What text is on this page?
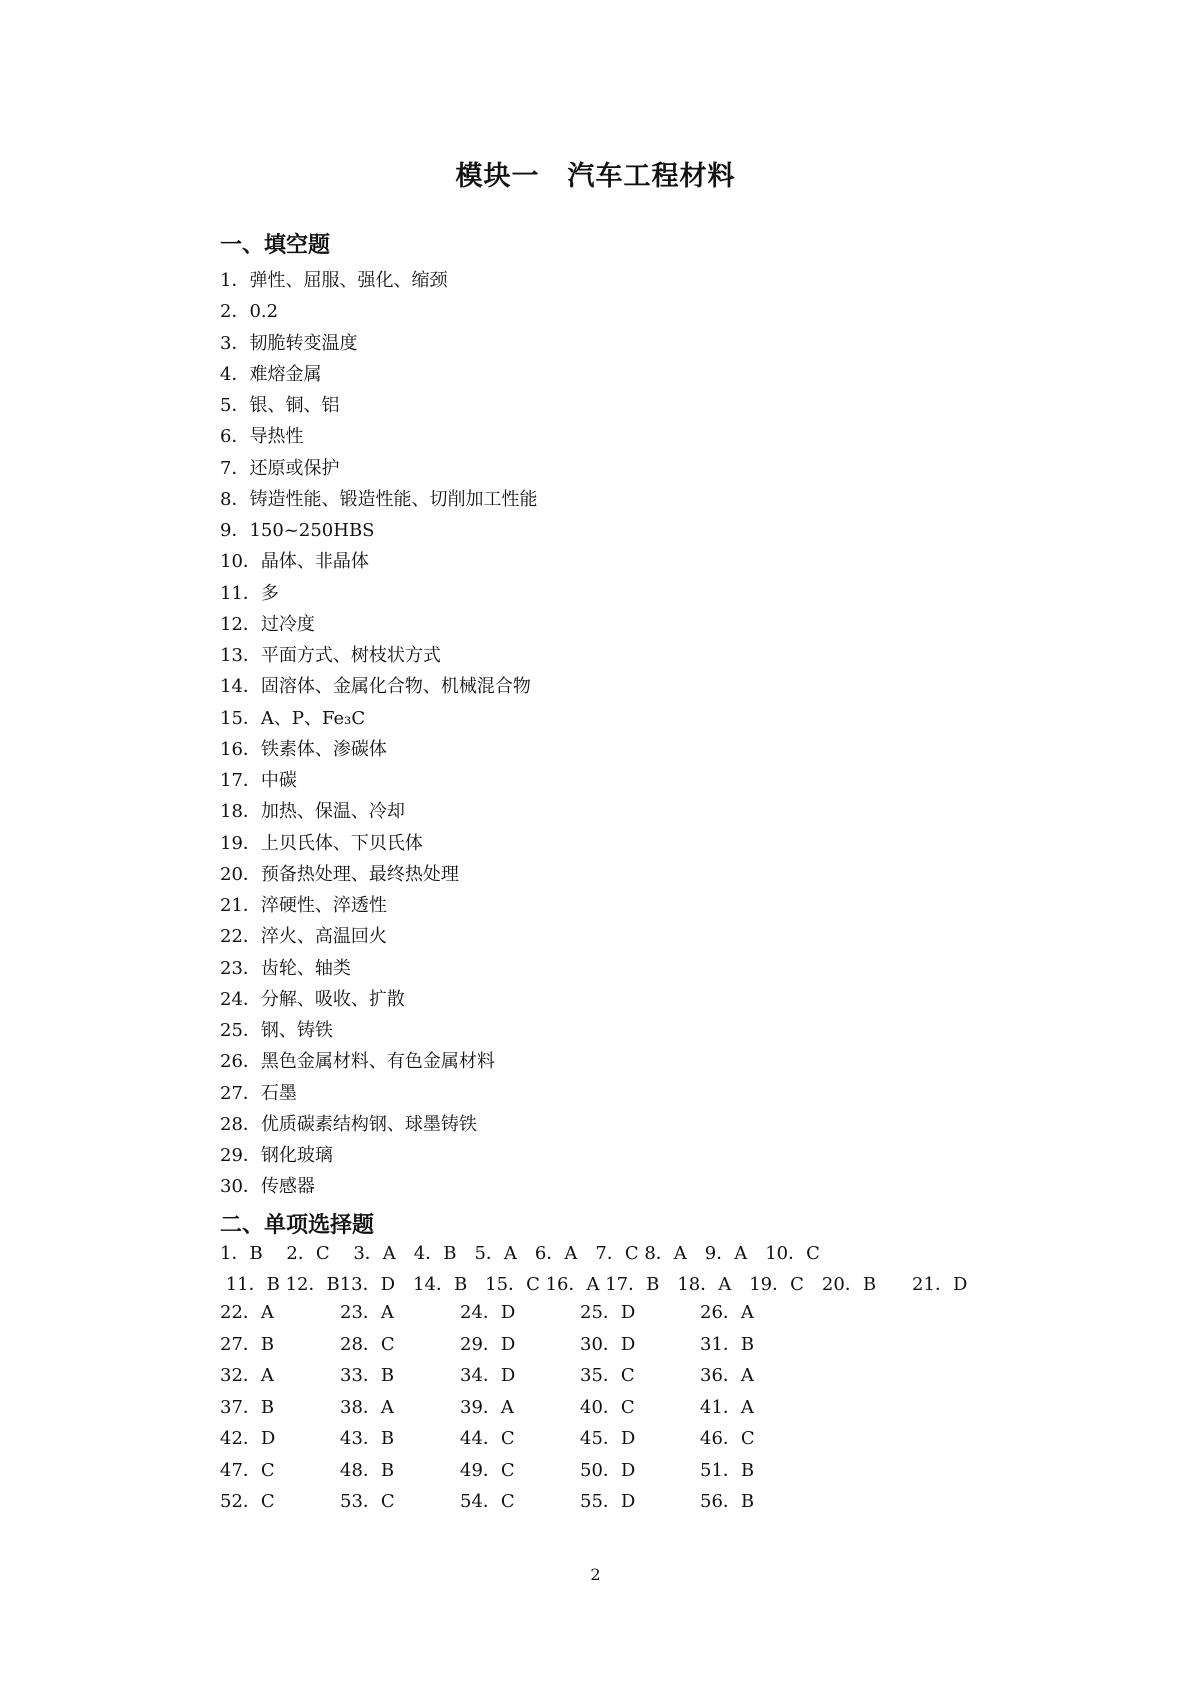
模块一　汽车工程材料
一、填空题
1．弹性、屈服、强化、缩颈
2．0.2
3．韧脆转变温度
4．难熔金属
5．银、铜、铝
6．导热性
7．还原或保护
8．铸造性能、锻造性能、切削加工性能
9．150~250HBS
10．晶体、非晶体
11．多
12．过冷度
13．平面方式、树枝状方式
14．固溶体、金属化合物、机械混合物
15．A、P、Fe₃C
16．铁素体、渗碳体
17．中碳
18．加热、保温、冷却
19．上贝氏体、下贝氏体
20．预备热处理、最终热处理
21．淬硬性、淬透性
22．淬火、高温回火
23．齿轮、轴类
24．分解、吸收、扩散
25．钢、铸铁
26．黑色金属材料、有色金属材料
27．石墨
28．优质碳素结构钢、球墨铸铁
29．钢化玻璃
30．传感器
二、单项选择题
1．B　 2．C　 3．A　4．B　5．A　6．A　7．C 8．A　9．A　10．C
11．B 12．B13．D　14．B　15．C 16．A 17．B　18．A　19．C　20．B　　21．D
22．A	23．A	24．D	25．D	26．A
27．B	28．C	29．D	30．D	31．B
32．A	33．B	34．D	35．C	36．A
37．B	38．A	39．A	40．C	41．A
42．D	43．B	44．C	45．D	46．C
47．C	48．B	49．C	50．D	51．B
52．C	53．C	54．C	55．D	56．B
2
